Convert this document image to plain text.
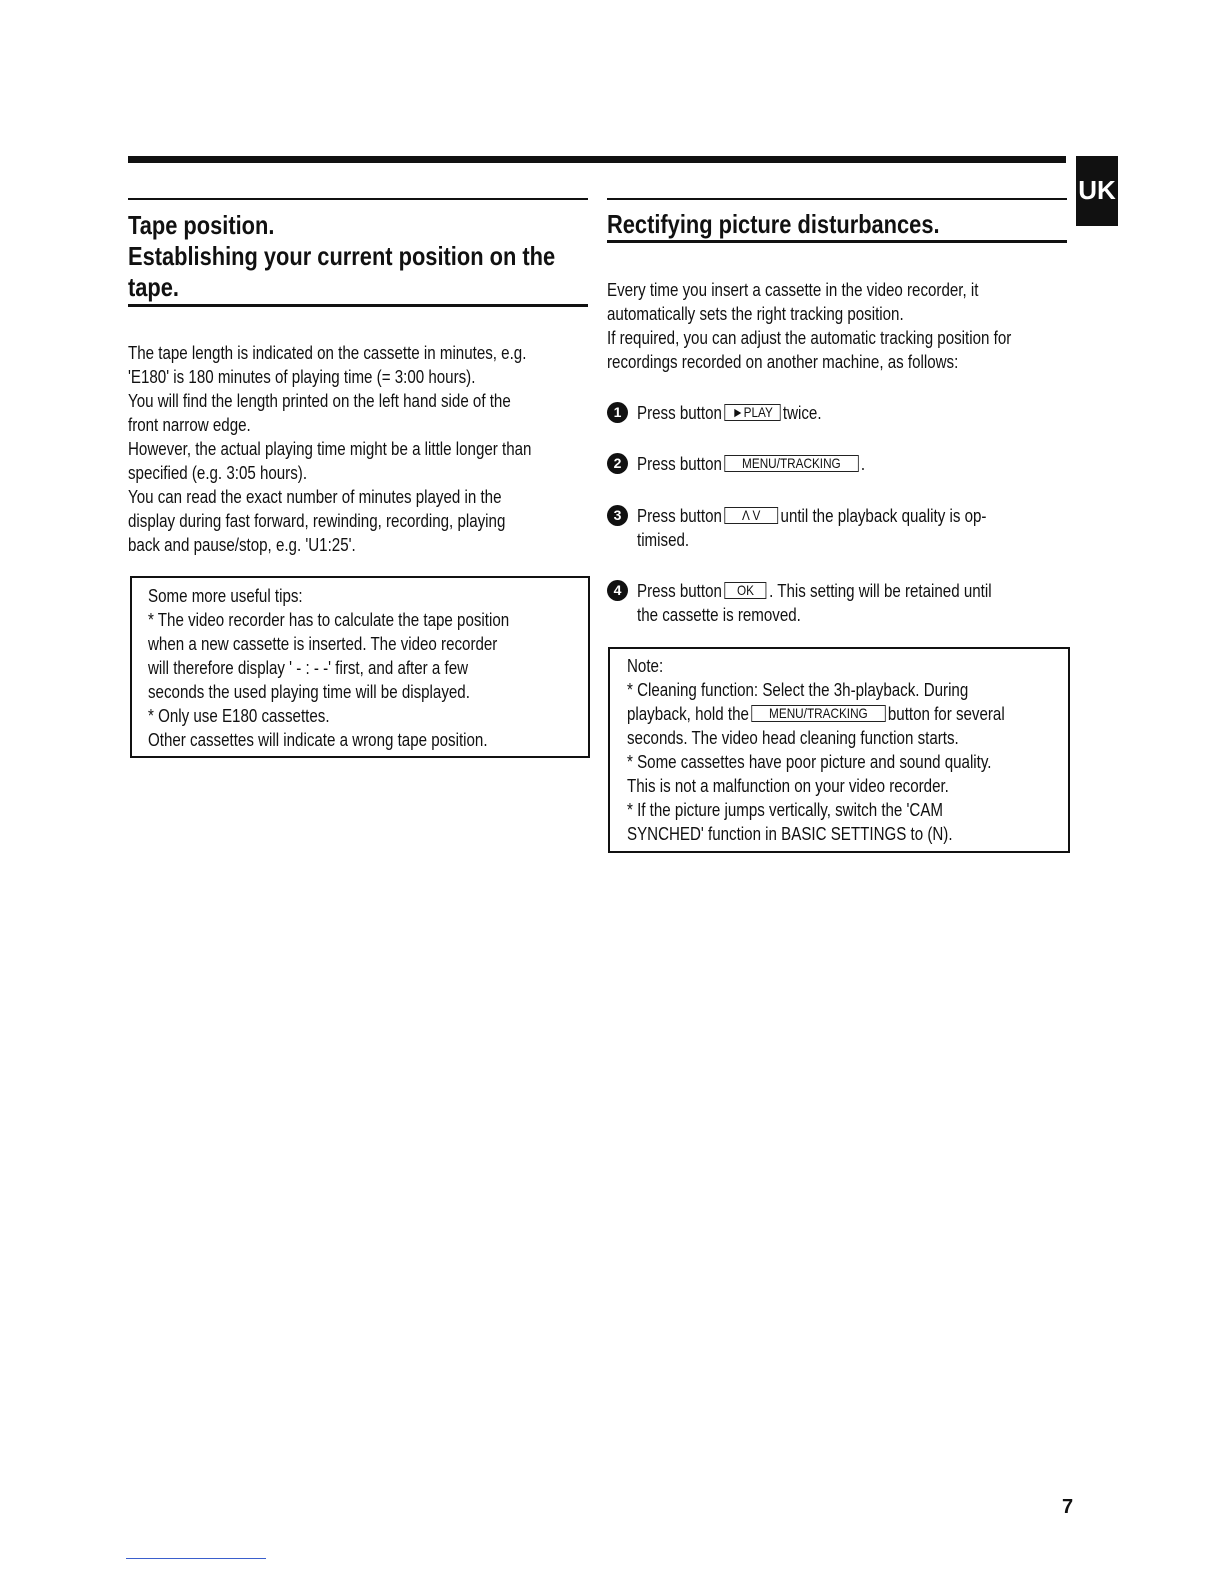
UK
Tape position.
Establishing your current position on the
tape.
The tape length is indicated on the cassette in minutes, e.g.
'E180' is 180 minutes of playing time (= 3:00 hours).
You will find the length printed on the left hand side of the
front narrow edge.
However, the actual playing time might be a little longer than
specified (e.g. 3:05 hours).
You can read the exact number of minutes played in the
display during fast forward, rewinding, recording, playing
back and pause/stop, e.g. 'U1:25'.
Some more useful tips:
* The video recorder has to calculate the tape position
when a new cassette is inserted. The video recorder
will therefore display ' - : - -' first, and after a few
seconds the used playing time will be displayed.
* Only use E180 cassettes.
Other cassettes will indicate a wrong tape position.
Rectifying picture disturbances.
Every time you insert a cassette in the video recorder, it
automatically sets the right tracking position.
If required, you can adjust the automatic tracking position for
recordings recorded on another machine, as follows:
1 Press button ►PLAY twice.
2 Press button MENU/TRACKING .
3 Press button Λ V until the playback quality is op-
timised.
4 Press button OK . This setting will be retained until
the cassette is removed.
Note:
* Cleaning function: Select the 3h-playback. During
playback, hold the MENU/TRACKING button for several
seconds. The video head cleaning function starts.
* Some cassettes have poor picture and sound quality.
This is not a malfunction on your video recorder.
* If the picture jumps vertically, switch the 'CAM
SYNCHED' function in BASIC SETTINGS to (N).
7
